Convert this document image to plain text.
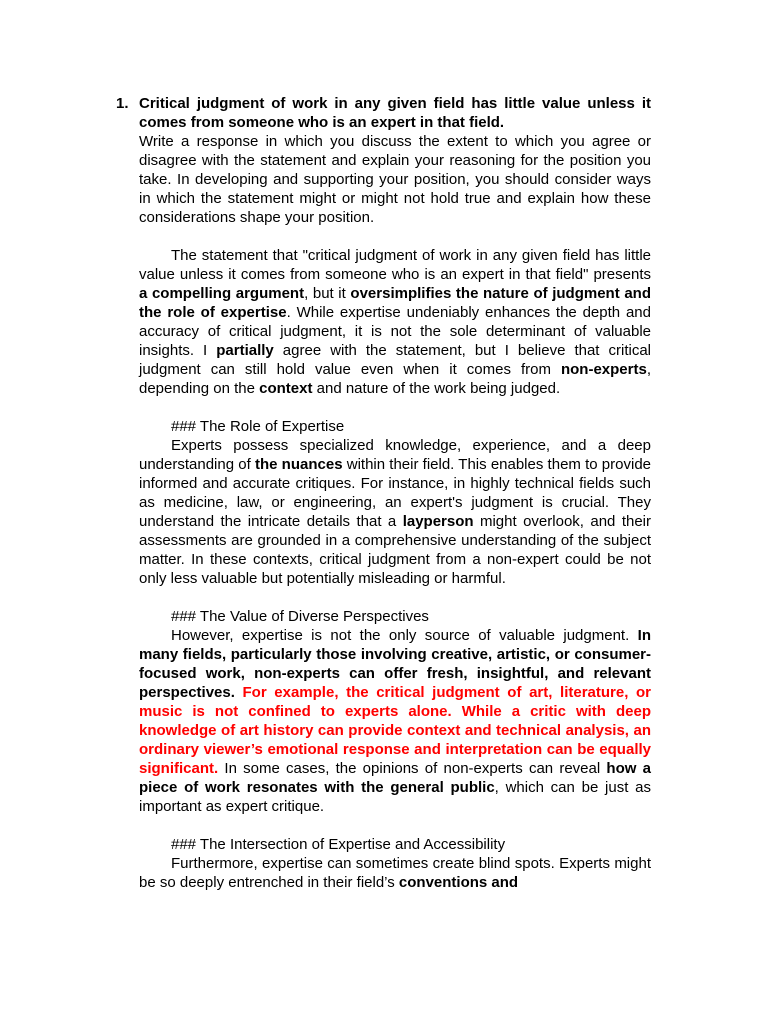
1. Critical judgment of work in any given field has little value unless it comes from someone who is an expert in that field.

Write a response in which you discuss the extent to which you agree or disagree with the statement and explain your reasoning for the position you take. In developing and supporting your position, you should consider ways in which the statement might or might not hold true and explain how these considerations shape your position.

The statement that "critical judgment of work in any given field has little value unless it comes from someone who is an expert in that field" presents a compelling argument, but it oversimplifies the nature of judgment and the role of expertise. While expertise undeniably enhances the depth and accuracy of critical judgment, it is not the sole determinant of valuable insights. I partially agree with the statement, but I believe that critical judgment can still hold value even when it comes from non-experts, depending on the context and nature of the work being judged.

### The Role of Expertise

Experts possess specialized knowledge, experience, and a deep understanding of the nuances within their field. This enables them to provide informed and accurate critiques. For instance, in highly technical fields such as medicine, law, or engineering, an expert's judgment is crucial. They understand the intricate details that a layperson might overlook, and their assessments are grounded in a comprehensive understanding of the subject matter. In these contexts, critical judgment from a non-expert could be not only less valuable but potentially misleading or harmful.

### The Value of Diverse Perspectives

However, expertise is not the only source of valuable judgment. In many fields, particularly those involving creative, artistic, or consumer-focused work, non-experts can offer fresh, insightful, and relevant perspectives. For example, the critical judgment of art, literature, or music is not confined to experts alone. While a critic with deep knowledge of art history can provide context and technical analysis, an ordinary viewer’s emotional response and interpretation can be equally significant. In some cases, the opinions of non-experts can reveal how a piece of work resonates with the general public, which can be just as important as expert critique.

### The Intersection of Expertise and Accessibility

Furthermore, expertise can sometimes create blind spots. Experts might be so deeply entrenched in their field’s conventions and
